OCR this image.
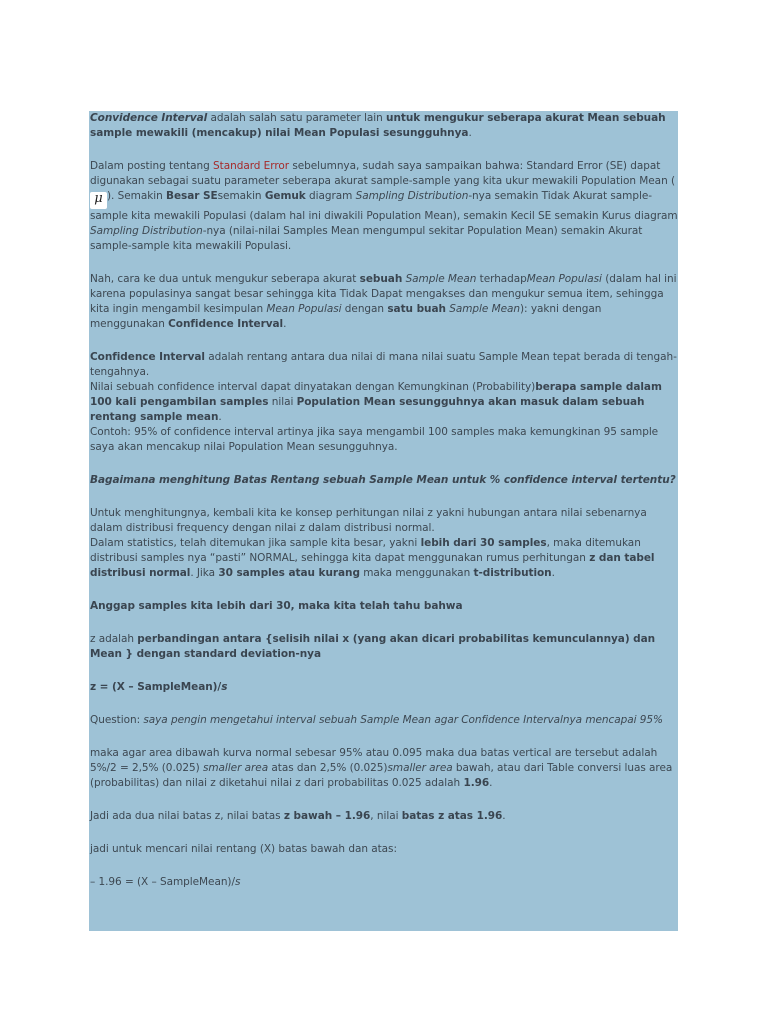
Convidence Interval adalah salah satu parameter lain untuk mengukur seberapa akurat Mean sebuah sample mewakili (mencakup) nilai Mean Populasi sesungguhnya.

Dalam posting tentang Standard Error sebelumnya, sudah saya sampaikan bahwa: Standard Error (SE) dapat digunakan sebagai suatu parameter seberapa akurat sample-sample yang kita ukur mewakili Population Mean (μ ). Semakin Besar SEsemakin Gemuk diagram Sampling Distribution-nya semakin Tidak Akurat sample-sample kita mewakili Populasi (dalam hal ini diwakili Population Mean), semakin Kecil SE semakin Kurus diagram Sampling Distribution-nya (nilai-nilai Samples Mean mengumpul sekitar Population Mean) semakin Akurat sample-sample kita mewakili Populasi.

Nah, cara ke dua untuk mengukur seberapa akurat sebuah Sample Mean terhadapMean Populasi (dalam hal ini karena populasinya sangat besar sehingga kita Tidak Dapat mengakses dan mengukur semua item, sehingga kita ingin mengambil kesimpulan Mean Populasi dengan satu buah Sample Mean): yakni dengan menggunakan Confidence Interval.

Confidence Interval adalah rentang antara dua nilai di mana nilai suatu Sample Mean tepat berada di tengah-tengahnya.
Nilai sebuah confidence interval dapat dinyatakan dengan Kemungkinan (Probability)berapa sample dalam 100 kali pengambilan samples nilai Population Mean sesungguhnya akan masuk dalam sebuah rentang sample mean.
Contoh: 95% of confidence interval artinya jika saya mengambil 100 samples maka kemungkinan 95 sample saya akan mencakup nilai Population Mean sesungguhnya.

Bagaimana menghitung Batas Rentang sebuah Sample Mean untuk % confidence interval tertentu?

Untuk menghitungnya, kembali kita ke konsep perhitungan nilai z yakni hubungan antara nilai sebenarnya dalam distribusi frequency dengan nilai z dalam distribusi normal.
Dalam statistics, telah ditemukan jika sample kita besar, yakni lebih dari 30 samples, maka ditemukan distribusi samples nya “pasti” NORMAL, sehingga kita dapat menggunakan rumus perhitungan z dan tabel distribusi normal. Jika 30 samples atau kurang maka menggunakan t-distribution.

Anggap samples kita lebih dari 30, maka kita telah tahu bahwa

z adalah perbandingan antara {selisih nilai x (yang akan dicari probabilitas kemunculannya) dan Mean } dengan standard deviation-nya

z = (X – SampleMean)/s

Question: saya pengin mengetahui interval sebuah Sample Mean agar Confidence Intervalnya mencapai 95%

maka agar area dibawah kurva normal sebesar 95% atau 0.095 maka dua batas vertical are tersebut adalah 5%/2 = 2,5% (0.025) smaller area atas dan 2,5% (0.025)smaller area bawah, atau dari Table conversi luas area (probabilitas) dan nilai z diketahui nilai z dari probabilitas 0.025 adalah 1.96.

Jadi ada dua nilai batas z, nilai batas z bawah – 1.96, nilai batas z atas 1.96.

jadi untuk mencari nilai rentang (X) batas bawah dan atas:

– 1.96 = (X – SampleMean)/s
